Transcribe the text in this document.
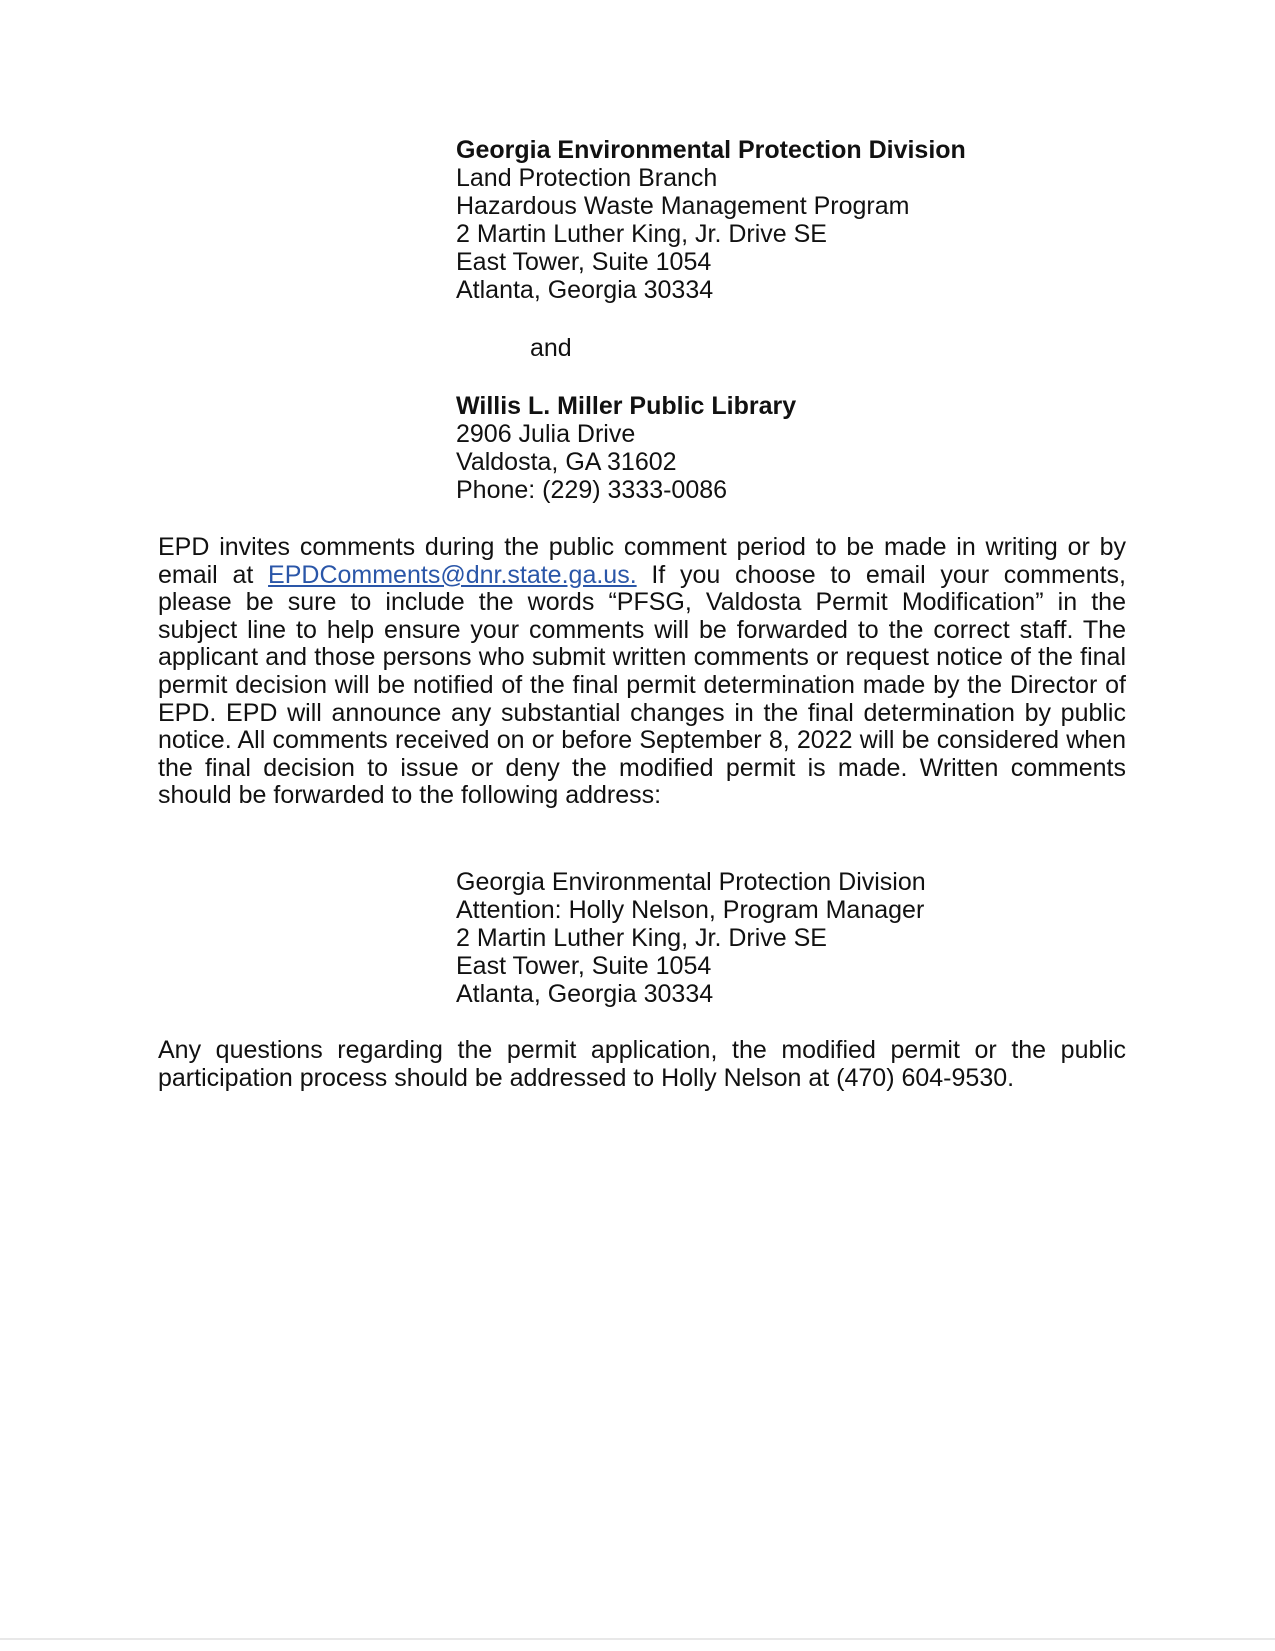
Georgia Environmental Protection Division
Land Protection Branch
Hazardous Waste Management Program
2 Martin Luther King, Jr. Drive SE
East Tower, Suite 1054
Atlanta, Georgia 30334
and
Willis L. Miller Public Library
2906 Julia Drive
Valdosta, GA 31602
Phone: (229) 3333-0086
EPD invites comments during the public comment period to be made in writing or by email at EPDComments@dnr.state.ga.us. If you choose to email your comments, please be sure to include the words “PFSG, Valdosta Permit Modification” in the subject line to help ensure your comments will be forwarded to the correct staff. The applicant and those persons who submit written comments or request notice of the final permit decision will be notified of the final permit determination made by the Director of EPD. EPD will announce any substantial changes in the final determination by public notice. All comments received on or before September 8, 2022 will be considered when the final decision to issue or deny the modified permit is made. Written comments should be forwarded to the following address:
Georgia Environmental Protection Division
Attention: Holly Nelson, Program Manager
2 Martin Luther King, Jr. Drive SE
East Tower, Suite 1054
Atlanta, Georgia 30334
Any questions regarding the permit application, the modified permit or the public participation process should be addressed to Holly Nelson at (470) 604-9530.
